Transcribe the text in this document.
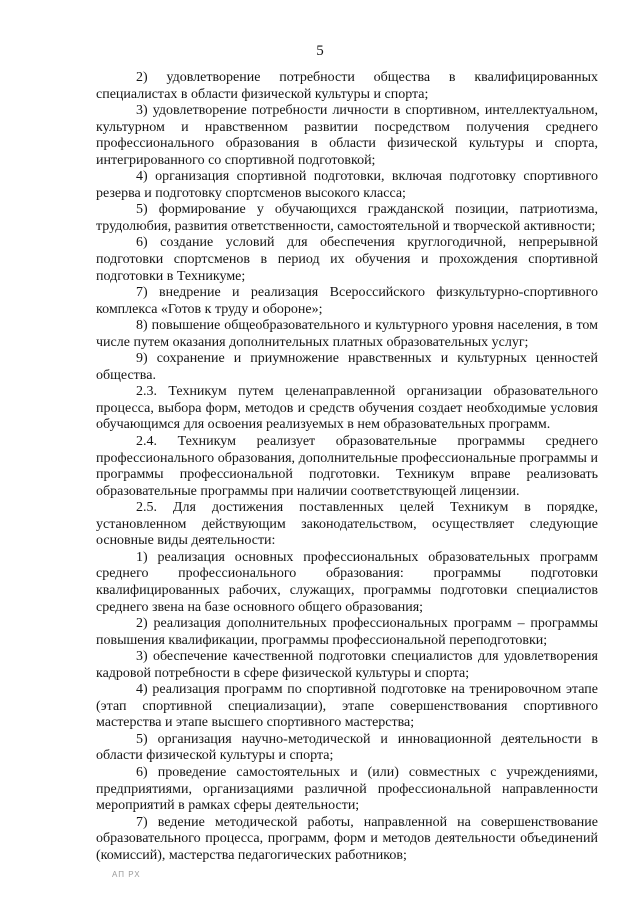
5

2) удовлетворение потребности общества в квалифицированных специалистах в области физической культуры и спорта;

3) удовлетворение потребности личности в спортивном, интеллектуальном, культурном и нравственном развитии посредством получения среднего профессионального образования в области физической культуры и спорта, интегрированного со спортивной подготовкой;

4) организация спортивной подготовки, включая подготовку спортивного резерва и подготовку спортсменов высокого класса;

5) формирование у обучающихся гражданской позиции, патриотизма, трудолюбия, развития ответственности, самостоятельной и творческой активности;

6) создание условий для обеспечения круглогодичной, непрерывной подготовки спортсменов в период их обучения и прохождения спортивной подготовки в Техникуме;

7) внедрение и реализация Всероссийского физкультурно-спортивного комплекса «Готов к труду и обороне»;

8) повышение общеобразовательного и культурного уровня населения, в том числе путем оказания дополнительных платных образовательных услуг;

9) сохранение и приумножение нравственных и культурных ценностей общества.

2.3. Техникум путем целенаправленной организации образовательного процесса, выбора форм, методов и средств обучения создает необходимые условия обучающимся для освоения реализуемых в нем образовательных программ.

2.4. Техникум реализует образовательные программы среднего профессионального образования, дополнительные профессиональные программы и программы профессиональной подготовки. Техникум вправе реализовать образовательные программы при наличии соответствующей лицензии.

2.5. Для достижения поставленных целей Техникум в порядке, установленном действующим законодательством, осуществляет следующие основные виды деятельности:

1) реализация основных профессиональных образовательных программ среднего профессионального образования: программы подготовки квалифицированных рабочих, служащих, программы подготовки специалистов среднего звена на базе основного общего образования;

2) реализация дополнительных профессиональных программ – программы повышения квалификации, программы профессиональной переподготовки;

3) обеспечение качественной подготовки специалистов для удовлетворения кадровой потребности в сфере физической культуры и спорта;

4) реализация программ по спортивной подготовке на тренировочном этапе (этап спортивной специализации), этапе совершенствования спортивного мастерства и этапе высшего спортивного мастерства;

5) организация научно-методической и инновационной деятельности в области физической культуры и спорта;

6) проведение самостоятельных и (или) совместных с учреждениями, предприятиями, организациями различной профессиональной направленности мероприятий в рамках сферы деятельности;

7) ведение методической работы, направленной на совершенствование образовательного процесса, программ, форм и методов деятельности объединений (комиссий), мастерства педагогических работников;

АП РХ
